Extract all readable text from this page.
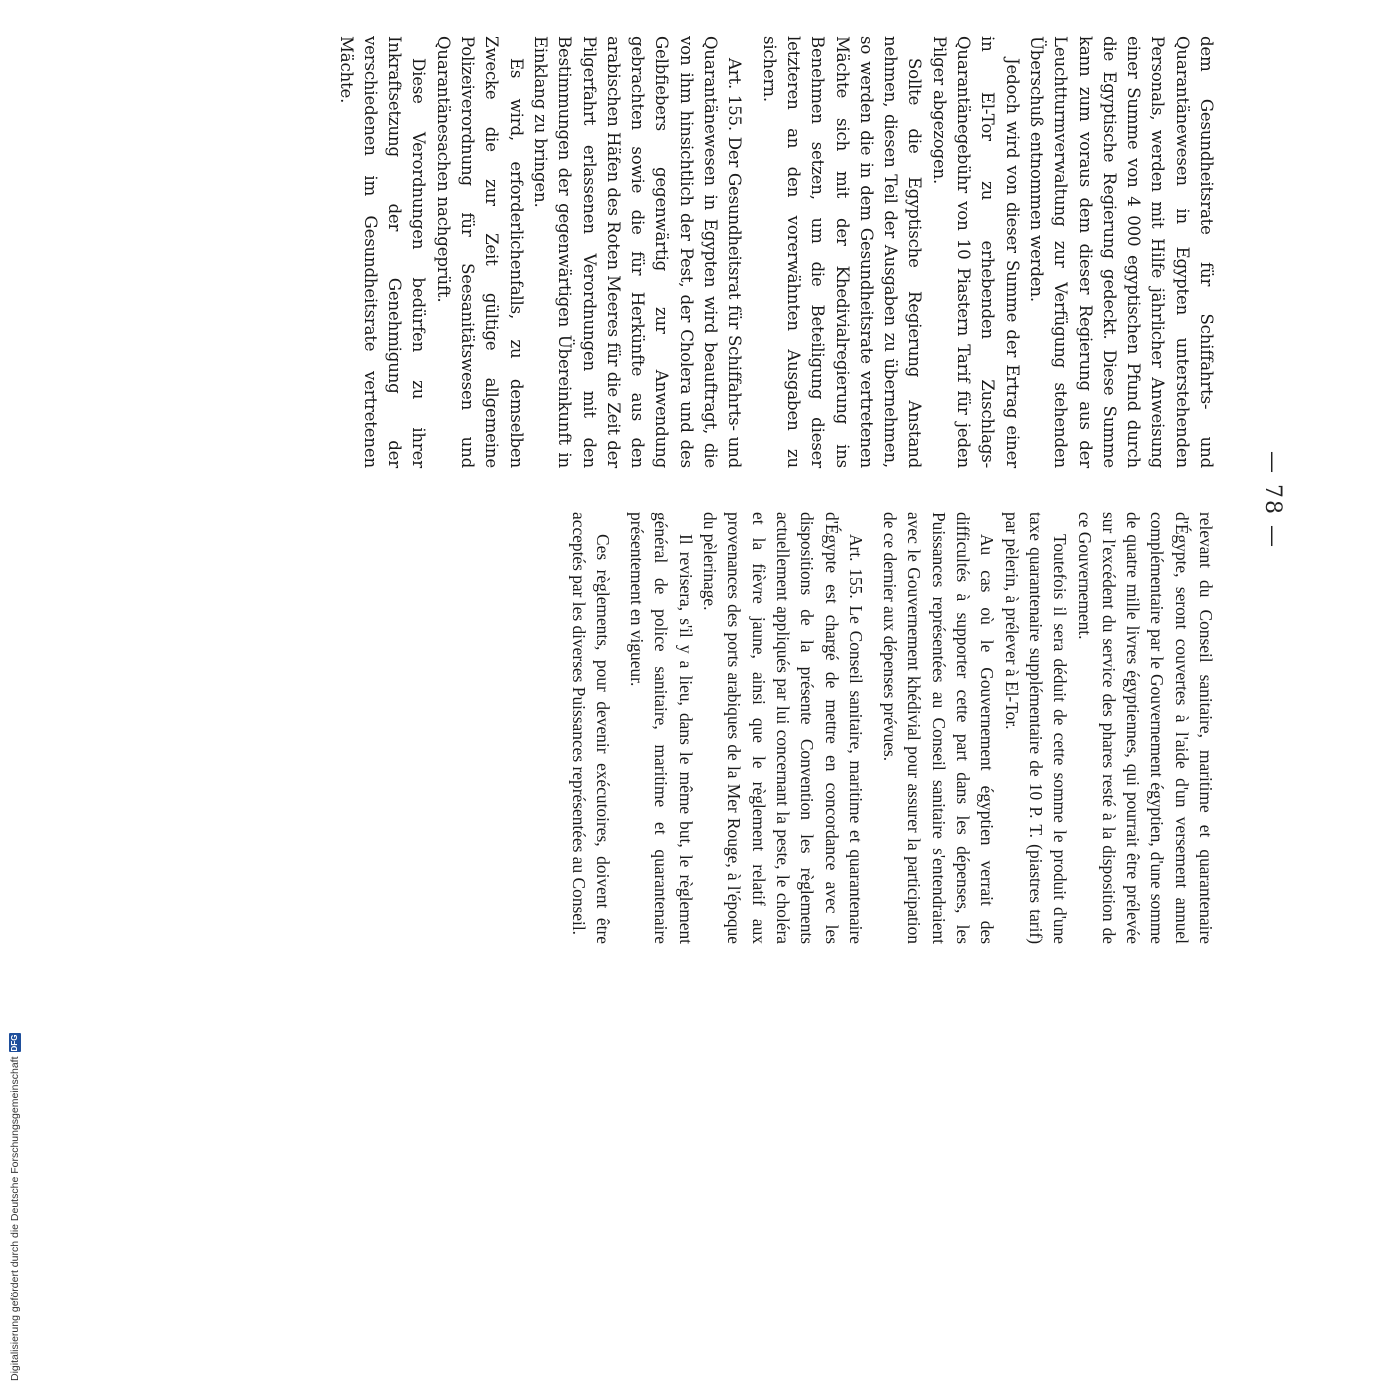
— 78 —

relevant du Conseil sanitaire, maritime et quarantenaire d'Égypte, seront couvertes à l'aide d'un versement annuel complémentaire par le Gouvernement égyptien, d'une somme de quatre mille livres égyptiennes, qui pourrait être prélevée sur l'excédent du service des phares resté à la disposition de ce Gouvernement.

Toutefois il sera déduit de cette somme le produit d'une taxe quarantenaire supplémentaire de 10 P. T. (piastres tarif) par pèlerin, à prélever à El-Tor.

Au cas où le Gouvernement égyptien verrait des difficultés à supporter cette part dans les dépenses, les Puissances représentées au Conseil sanitaire s'entendraient avec le Gouvernement khédivial pour assurer la participation de ce dernier aux dépenses prévues.

Art. 155. Le Conseil sanitaire, maritime et quarantenaire d'Égypte est chargé de mettre en concordance avec les dispositions de la présente Convention les règlements actuellement appliqués par lui concernant la peste, le choléra et la fièvre jaune, ainsi que le règlement relatif aux provenances des ports arabiques de la Mer Rouge, à l'époque du pèlerinage.

Il revisera, s'il y a lieu, dans le même but, le règlement général de police sanitaire, maritime et quarantenaire présentement en vigueur.

Ces règlements, pour devenir exécutoires, doivent être acceptés par les diverses Puissances représentées au Conseil.

dem Gesundheitsrate für Schiffahrts- und Quarantänewesen in Egypten unterstehenden Personals, werden mit Hilfe jährlicher Anweisung einer Summe von 4 000 egyptischen Pfund durch die Egyptische Regierung gedeckt. Diese Summe kann zum voraus dem dieser Regierung aus der Leuchtturmverwaltung zur Verfügung stehenden Überschuß entnommen werden.

Jedoch wird von dieser Summe der Ertrag einer in El-Tor zu erhebenden Zuschlags-Quarantänegebühr von 10 Piastern Tarif für jeden Pilger abgezogen.

Sollte die Egyptische Regierung Anstand nehmen, diesen Teil der Ausgaben zu übernehmen, so werden die in dem Gesundheitsrate vertretenen Mächte sich mit der Khedivialregierung ins Benehmen setzen, um die Beteiligung dieser letzteren an den vorerwähnten Ausgaben zu sichern.

Art. 155. Der Gesundheitsrat für Schiffahrts- und Quarantänewesen in Egypten wird beauftragt, die von ihm hinsichtlich der Pest, der Cholera und des Gelbfiebers gegenwärtig zur Anwendung gebrachten sowie die für Herkünfte aus den arabischen Häfen des Roten Meeres für die Zeit der Pilgerfahrt erlassenen Verordnungen mit den Bestimmungen der gegenwärtigen Übereinkunft in Einklang zu bringen.

Es wird, erforderlichenfalls, zu demselben Zwecke die zur Zeit gültige allgemeine Polizeiverordnung für Seesanitätswesen und Quarantänesachen nachgeprüft.

Diese Verordnungen bedürfen zu ihrer Inkraftsetzung der Genehmigung der verschiedenen im Gesundheitsrate vertretenen Mächte.

Digitalisierung gefördert durch die Deutsche Forschungsgemeinschaft
DFG
